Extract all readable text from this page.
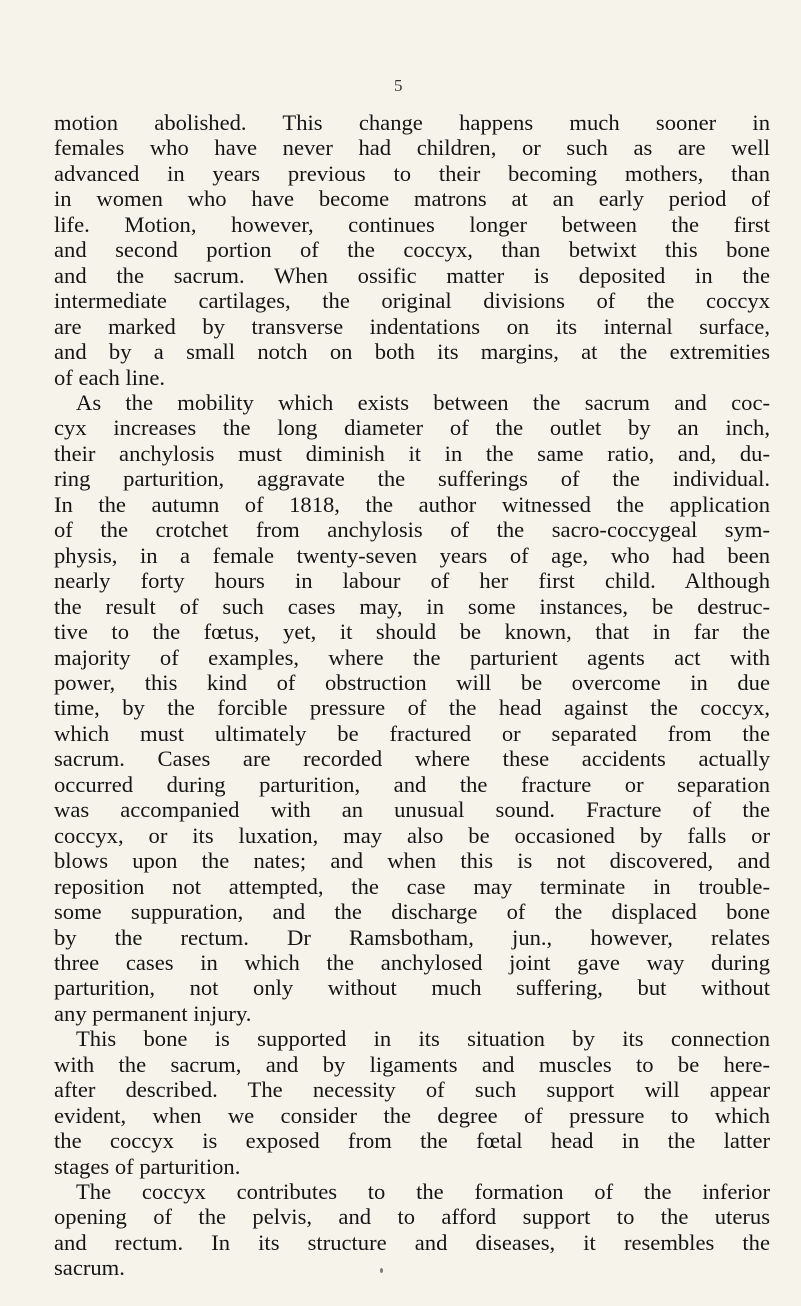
5

motion abolished. This change happens much sooner in
females who have never had children, or such as are well
advanced in years previous to their becoming mothers, than
in women who have become matrons at an early period of
life. Motion, however, continues longer between the first
and second portion of the coccyx, than betwixt this bone
and the sacrum. When ossific matter is deposited in the
intermediate cartilages, the original divisions of the coccyx
are marked by transverse indentations on its internal surface,
and by a small notch on both its margins, at the extremities
of each line.

As the mobility which exists between the sacrum and coc-
cyx increases the long diameter of the outlet by an inch,
their anchylosis must diminish it in the same ratio, and, du-
ring parturition, aggravate the sufferings of the individual.
In the autumn of 1818, the author witnessed the application
of the crotchet from anchylosis of the sacro-coccygeal sym-
physis, in a female twenty-seven years of age, who had been
nearly forty hours in labour of her first child. Although
the result of such cases may, in some instances, be destruc-
tive to the fœtus, yet, it should be known, that in far the
majority of examples, where the parturient agents act with
power, this kind of obstruction will be overcome in due
time, by the forcible pressure of the head against the coccyx,
which must ultimately be fractured or separated from the
sacrum. Cases are recorded where these accidents actually
occurred during parturition, and the fracture or separation
was accompanied with an unusual sound. Fracture of the
coccyx, or its luxation, may also be occasioned by falls or
blows upon the nates; and when this is not discovered, and
reposition not attempted, the case may terminate in trouble-
some suppuration, and the discharge of the displaced bone
by the rectum. Dr Ramsbotham, jun., however, relates
three cases in which the anchylosed joint gave way during
parturition, not only without much suffering, but without
any permanent injury.

This bone is supported in its situation by its connection
with the sacrum, and by ligaments and muscles to be here-
after described. The necessity of such support will appear
evident, when we consider the degree of pressure to which
the coccyx is exposed from the fœtal head in the latter
stages of parturition.

The coccyx contributes to the formation of the inferior
opening of the pelvis, and to afford support to the uterus
and rectum. In its structure and diseases, it resembles the
sacrum.
